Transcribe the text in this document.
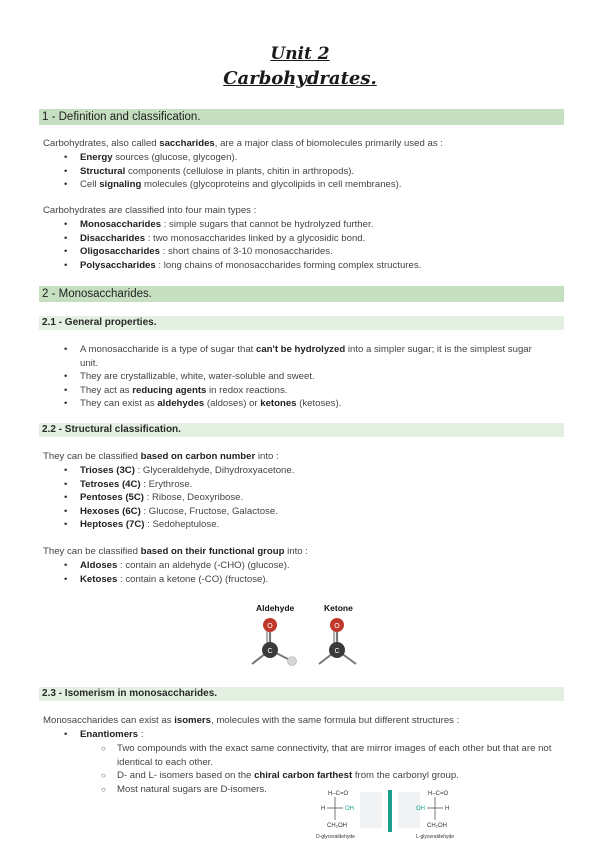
Unit 2
Carbohydrates.
1 - Definition and classification.
Carbohydrates, also called saccharides, are a major class of biomolecules primarily used as :
• Energy sources (glucose, glycogen).
• Structural components (cellulose in plants, chitin in arthropods).
• Cell signaling molecules (glycoproteins and glycolipids in cell membranes).
Carbohydrates are classified into four main types :
• Monosaccharides : simple sugars that cannot be hydrolyzed further.
• Disaccharides : two monosaccharides linked by a glycosidic bond.
• Oligosaccharides : short chains of 3-10 monosaccharides.
• Polysaccharides : long chains of monosaccharides forming complex structures.
2 - Monosaccharides.
2.1 - General properties.
• A monosaccharide is a type of sugar that can't be hydrolyzed into a simpler sugar; it is the simplest sugar unit.
• They are crystallizable, white, water-soluble and sweet.
• They act as reducing agents in redox reactions.
• They can exist as aldehydes (aldoses) or ketones (ketoses).
2.2 - Structural classification.
They can be classified based on carbon number into :
• Trioses (3C) : Glyceraldehyde, Dihydroxyacetone.
• Tetroses (4C) : Erythrose.
• Pentoses (5C) : Ribose, Deoxyribose.
• Hexoses (6C) : Glucose, Fructose, Galactose.
• Heptoses (7C) : Sedoheptulose.
They can be classified based on their functional group into :
• Aldoses : contain an aldehyde (-CHO) (glucose).
• Ketoses : contain a ketone (-CO) (fructose).
Aldehyde	Ketone
O
C
O
C
2.3 - Isomerism in monosaccharides.
Monosaccharides can exist as isomers, molecules with the same formula but different structures :
• Enantiomers :
○ Two compounds with the exact same connectivity, that are mirror images of each other but that are not identical to each other.
○ D- and L- isomers based on the chiral carbon farthest from the carbonyl group.
○ Most natural sugars are D-isomers.	H–C=O
H	OH
CH₂OH
D-glyceraldehyde
H–C=O
OH	H
CH₂OH
L-glyceraldehyde
